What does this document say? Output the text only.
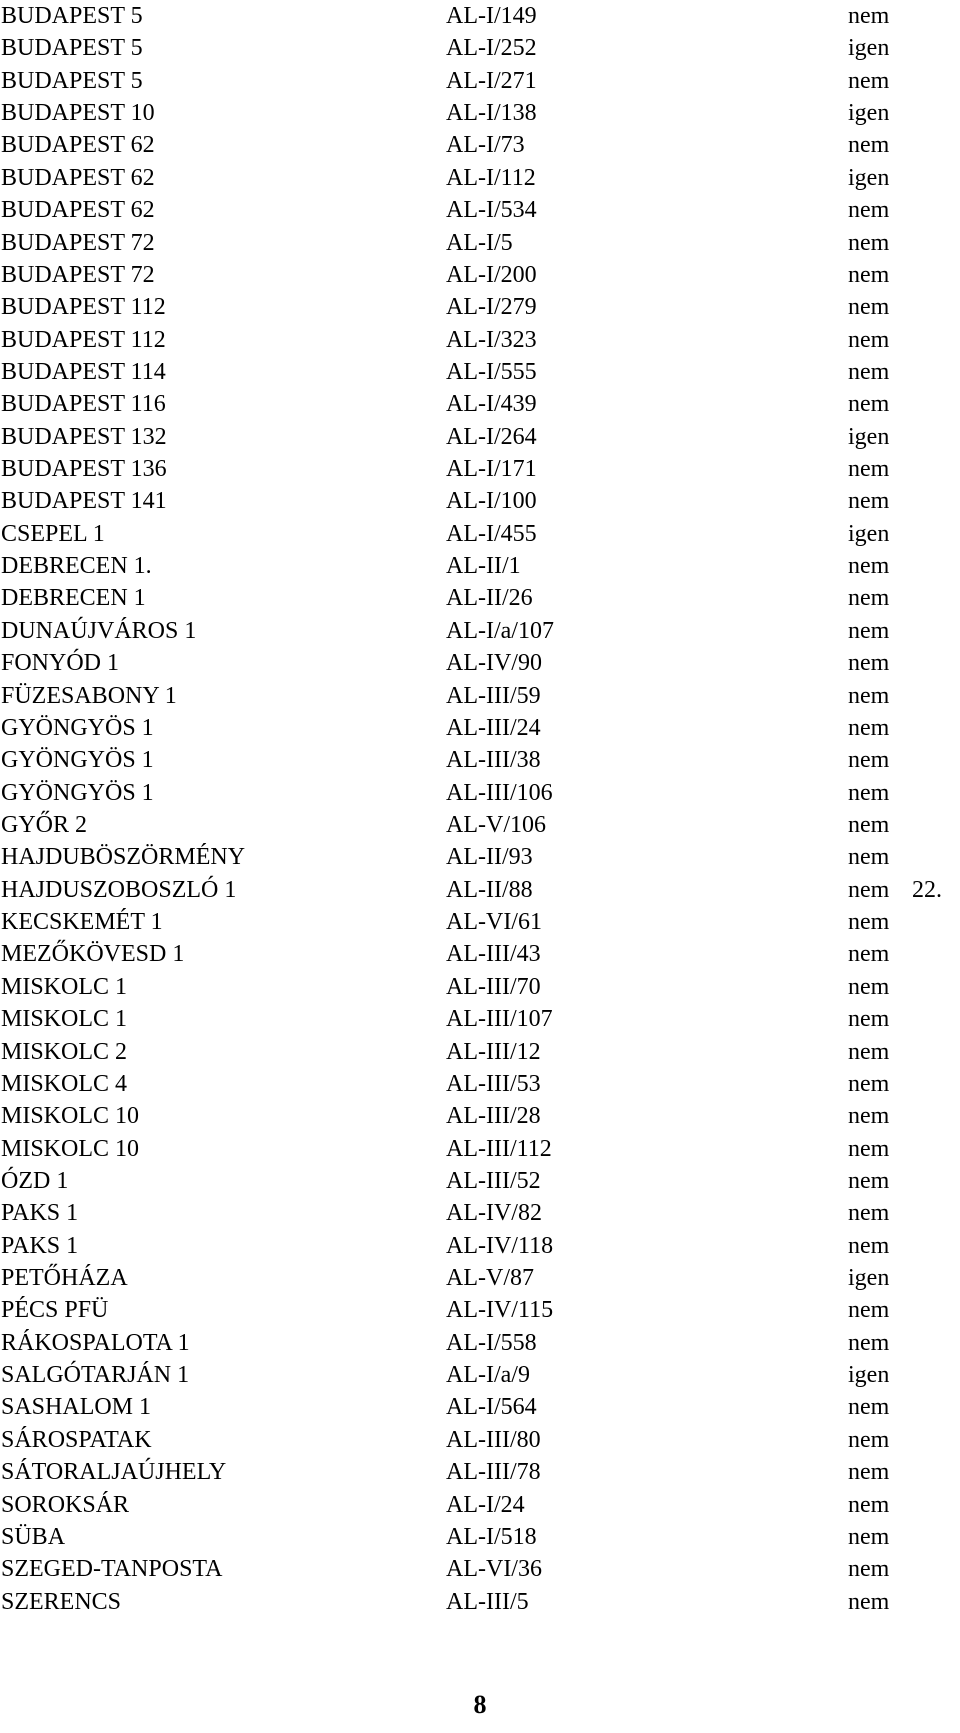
BUDAPEST 5	AL-I/149	nem
BUDAPEST 5	AL-I/252	igen
BUDAPEST 5	AL-I/271	nem
BUDAPEST 10	AL-I/138	igen
BUDAPEST 62	AL-I/73	nem
BUDAPEST 62	AL-I/112	igen
BUDAPEST 62	AL-I/534	nem
BUDAPEST 72	AL-I/5	nem
BUDAPEST 72	AL-I/200	nem
BUDAPEST 112	AL-I/279	nem
BUDAPEST 112	AL-I/323	nem
BUDAPEST 114	AL-I/555	nem
BUDAPEST 116	AL-I/439	nem
BUDAPEST 132	AL-I/264	igen
BUDAPEST 136	AL-I/171	nem
BUDAPEST 141	AL-I/100	nem
CSEPEL 1	AL-I/455	igen
DEBRECEN 1.	AL-II/1	nem
DEBRECEN 1	AL-II/26	nem
DUNAÚJVÁROS 1	AL-I/a/107	nem
FONYÓD 1	AL-IV/90	nem
FÜZESABONY 1	AL-III/59	nem
GYÖNGYÖS 1	AL-III/24	nem
GYÖNGYÖS 1	AL-III/38	nem
GYÖNGYÖS 1	AL-III/106	nem
GYŐR 2	AL-V/106	nem
HAJDUBÖSZÖRMÉNY	AL-II/93	nem
HAJDUSZOBOSZLÓ 1	AL-II/88	nem 22.
KECSKEMÉT 1	AL-VI/61	nem
MEZŐKÖVESD 1	AL-III/43	nem
MISKOLC 1	AL-III/70	nem
MISKOLC 1	AL-III/107	nem
MISKOLC 2	AL-III/12	nem
MISKOLC 4	AL-III/53	nem
MISKOLC 10	AL-III/28	nem
MISKOLC 10	AL-III/112	nem
ÓZD 1	AL-III/52	nem
PAKS 1	AL-IV/82	nem
PAKS 1	AL-IV/118	nem
PETŐHÁZA	AL-V/87	igen
PÉCS PFÜ	AL-IV/115	nem
RÁKOSPALOTA 1	AL-I/558	nem
SALGÓTARJÁN 1	AL-I/a/9	igen
SASHALOM 1	AL-I/564	nem
SÁROSPATAK	AL-III/80	nem
SÁTORALJAÚJHELY	AL-III/78	nem
SOROKSÁR	AL-I/24	nem
SÜBA	AL-I/518	nem
SZEGED-TANPOSTA	AL-VI/36	nem
SZERENCS	AL-III/5	nem
8
